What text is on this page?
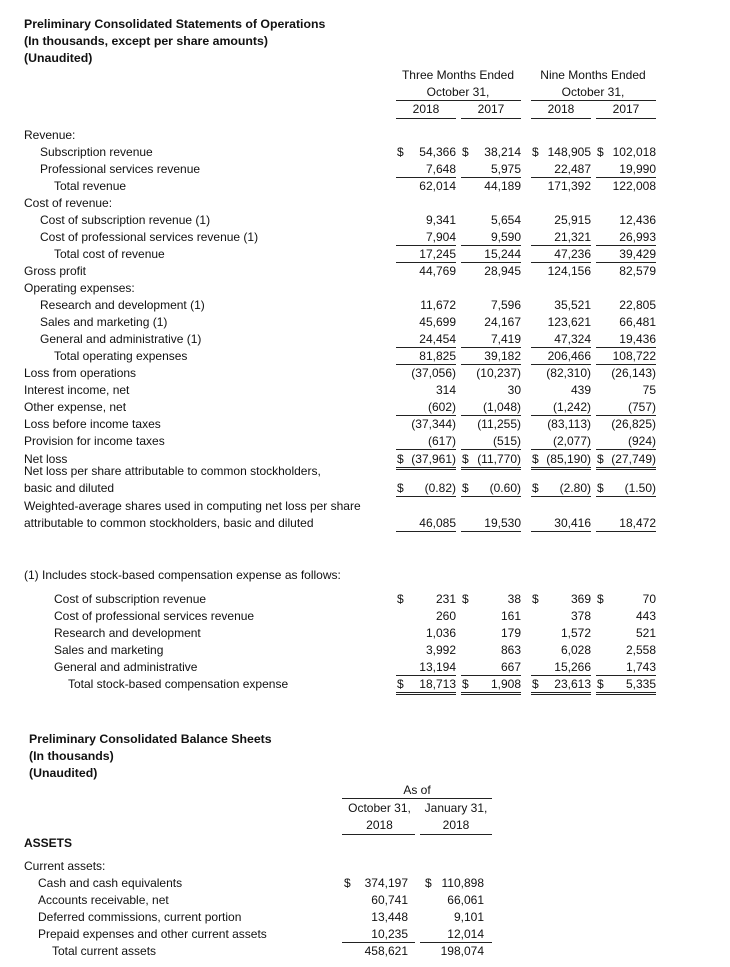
Preliminary Consolidated Statements of Operations
(In thousands, except per share amounts)
(Unaudited)
Three Months Ended
October 31,
Nine Months Ended
October 31,
2018	2017	2018	2017
Revenue:
Subscription revenue	$	54,366 $	38,214 $ 148,905 $ 102,018
Professional services revenue	7,648	5,975	22,487	19,990
Total revenue	62,014	44,189	171,392	122,008
Cost of revenue:
Cost of subscription revenue (1)	9,341	5,654	25,915	12,436
Cost of professional services revenue (1)	7,904	9,590	21,321	26,993
Total cost of revenue	17,245	15,244	47,236	39,429
Gross profit	44,769	28,945	124,156	82,579
Operating expenses:
Research and development (1)	11,672	7,596	35,521	22,805
Sales and marketing (1)	45,699	24,167	123,621	66,481
General and administrative (1)	24,454	7,419	47,324	19,436
Total operating expenses	81,825	39,182	206,466	108,722
Loss from operations	(37,056)	(10,237)	(82,310)	(26,143)
Interest income, net	314	30	439	75
Other expense, net	(602)	(1,048)	(1,242)	(757)
Loss before income taxes	(37,344)	(11,255)	(83,113)	(26,825)
Provision for income taxes	(617)	(515)	(2,077)	(924)
Net loss	$ (37,961) $ (11,770) $ (85,190) $ (27,749)
Net loss per share attributable to common stockholders,
basic and diluted	$	(0.82) $	(0.60) $	(2.80) $	(1.50)
Weighted-average shares used in computing net loss per share
attributable to common stockholders, basic and diluted	46,085	19,530	30,416	18,472
(1) Includes stock-based compensation expense as follows:
Cost of subscription revenue	$	231 $	38 $	369 $	70
Cost of professional services revenue	260	161	378	443
Research and development	1,036	179	1,572	521
Sales and marketing	3,992	863	6,028	2,558
General and administrative	13,194	667	15,266	1,743
Total stock-based compensation expense	$	18,713 $	1,908 $	23,613 $	5,335
Preliminary Consolidated Balance Sheets
(In thousands)
(Unaudited)
As of
October 31,
2018
January 31,
2018
ASSETS
Current assets:
Cash and cash equivalents	$	374,197 $ 110,898
Accounts receivable, net	60,741	66,061
Deferred commissions, current portion	13,448	9,101
Prepaid expenses and other current assets	10,235	12,014
Total current assets	458,621	198,074
